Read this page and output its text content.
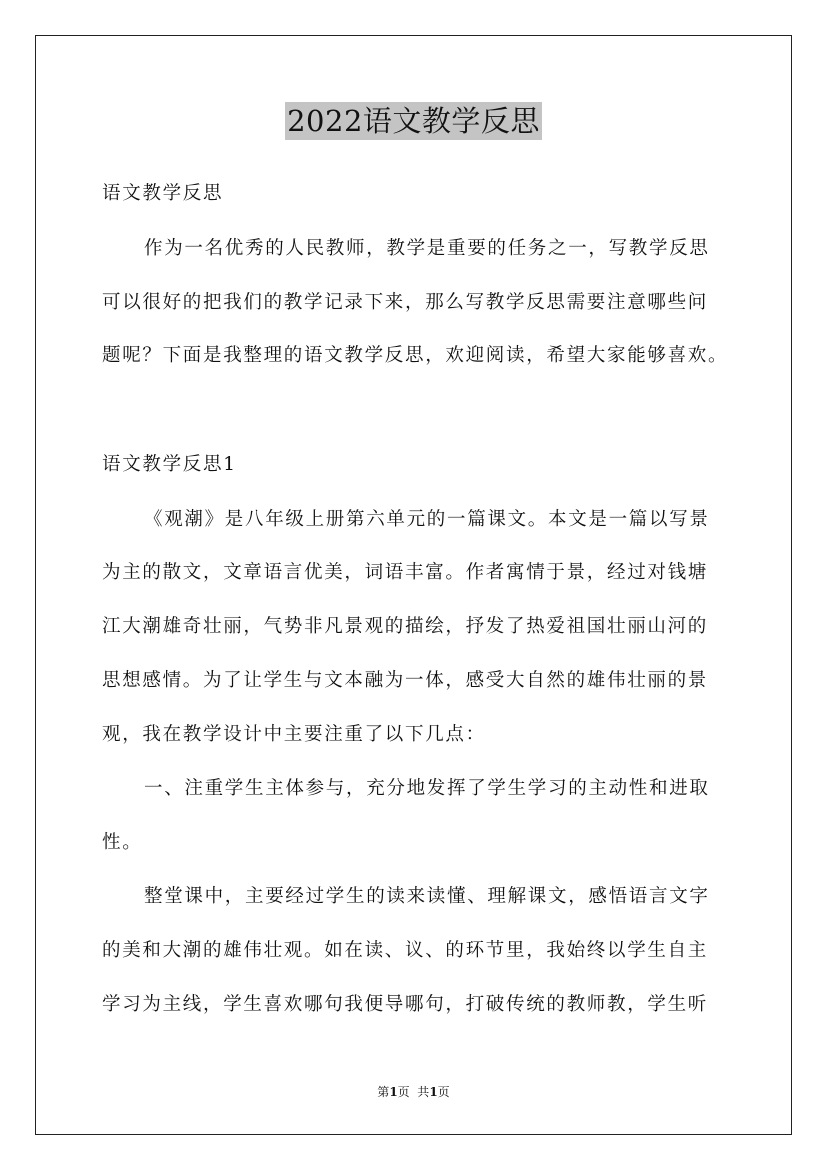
2022语文教学反思
语文教学反思
作为一名优秀的人民教师，教学是重要的任务之一，写教学反思
可以很好的把我们的教学记录下来，那么写教学反思需要注意哪些问
题呢？下面是我整理的语文教学反思，欢迎阅读，希望大家能够喜欢。
语文教学反思1
《观潮》是八年级上册第六单元的一篇课文。本文是一篇以写景
为主的散文，文章语言优美，词语丰富。作者寓情于景，经过对钱塘
江大潮雄奇壮丽，气势非凡景观的描绘，抒发了热爱祖国壮丽山河的
思想感情。为了让学生与文本融为一体，感受大自然的雄伟壮丽的景
观，我在教学设计中主要注重了以下几点：
一、注重学生主体参与，充分地发挥了学生学习的主动性和进取
性。
整堂课中，主要经过学生的读来读懂、理解课文，感悟语言文字
的美和大潮的雄伟壮观。如在读、议、的环节里，我始终以学生自主
学习为主线，学生喜欢哪句我便导哪句，打破传统的教师教，学生听
第1页  共1页
